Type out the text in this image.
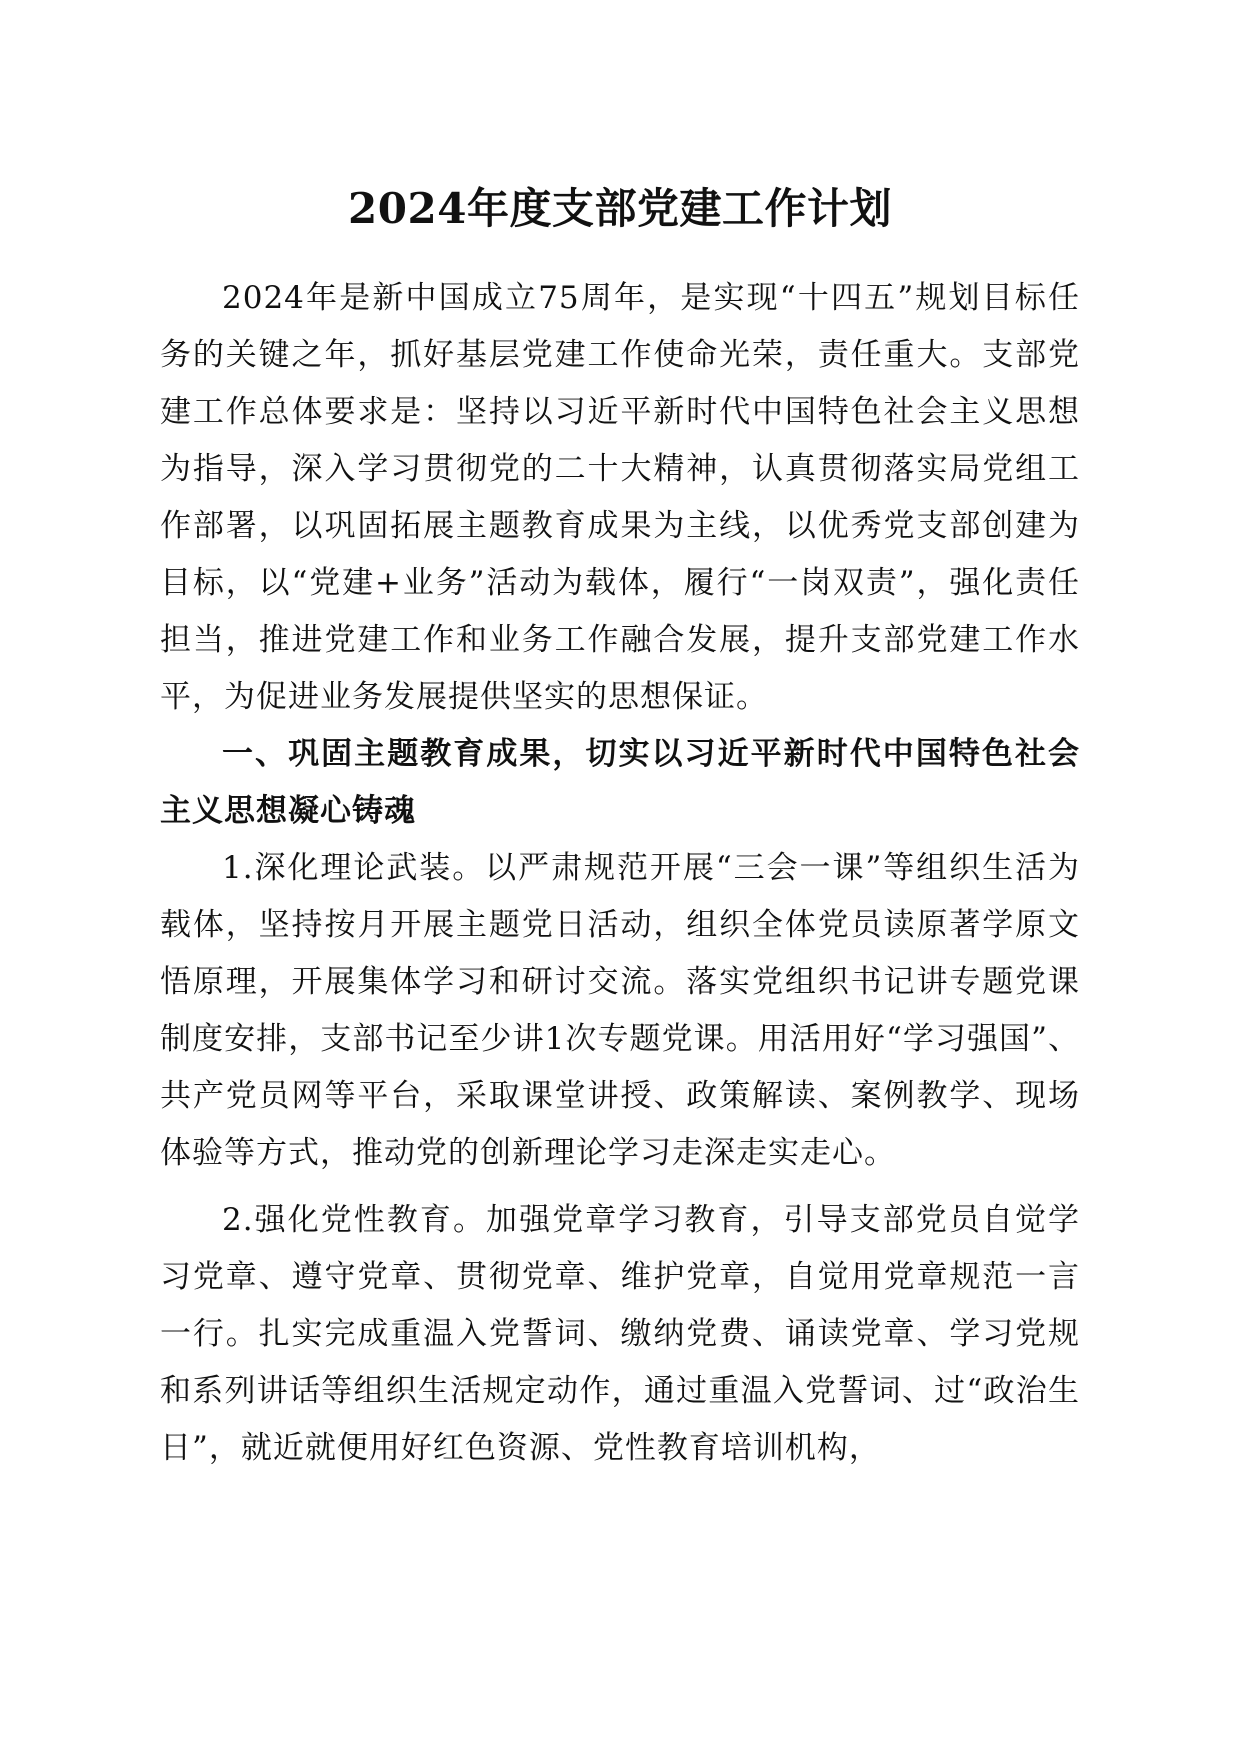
2024年度支部党建工作计划

2024年是新中国成立75周年，是实现“十四五”规划目标任务的关键之年，抓好基层党建工作使命光荣，责任重大。支部党建工作总体要求是：坚持以习近平新时代中国特色社会主义思想为指导，深入学习贯彻党的二十大精神，认真贯彻落实局党组工作部署，以巩固拓展主题教育成果为主线，以优秀党支部创建为目标，以“党建+业务”活动为载体，履行“一岗双责”，强化责任担当，推进党建工作和业务工作融合发展，提升支部党建工作水平，为促进业务发展提供坚实的思想保证。

一、巩固主题教育成果，切实以习近平新时代中国特色社会主义思想凝心铸魂

1.深化理论武装。以严肃规范开展“三会一课”等组织生活为载体，坚持按月开展主题党日活动，组织全体党员读原著学原文悟原理，开展集体学习和研讨交流。落实党组织书记讲专题党课制度安排，支部书记至少讲1次专题党课。用活用好“学习强国”、共产党员网等平台，采取课堂讲授、政策解读、案例教学、现场体验等方式，推动党的创新理论学习走深走实走心。

2.强化党性教育。加强党章学习教育，引导支部党员自觉学习党章、遵守党章、贯彻党章、维护党章，自觉用党章规范一言一行。扎实完成重温入党誓词、缴纳党费、诵读党章、学习党规和系列讲话等组织生活规定动作，通过重温入党誓词、过“政治生日”，就近就便用好红色资源、党性教育培训机构，
